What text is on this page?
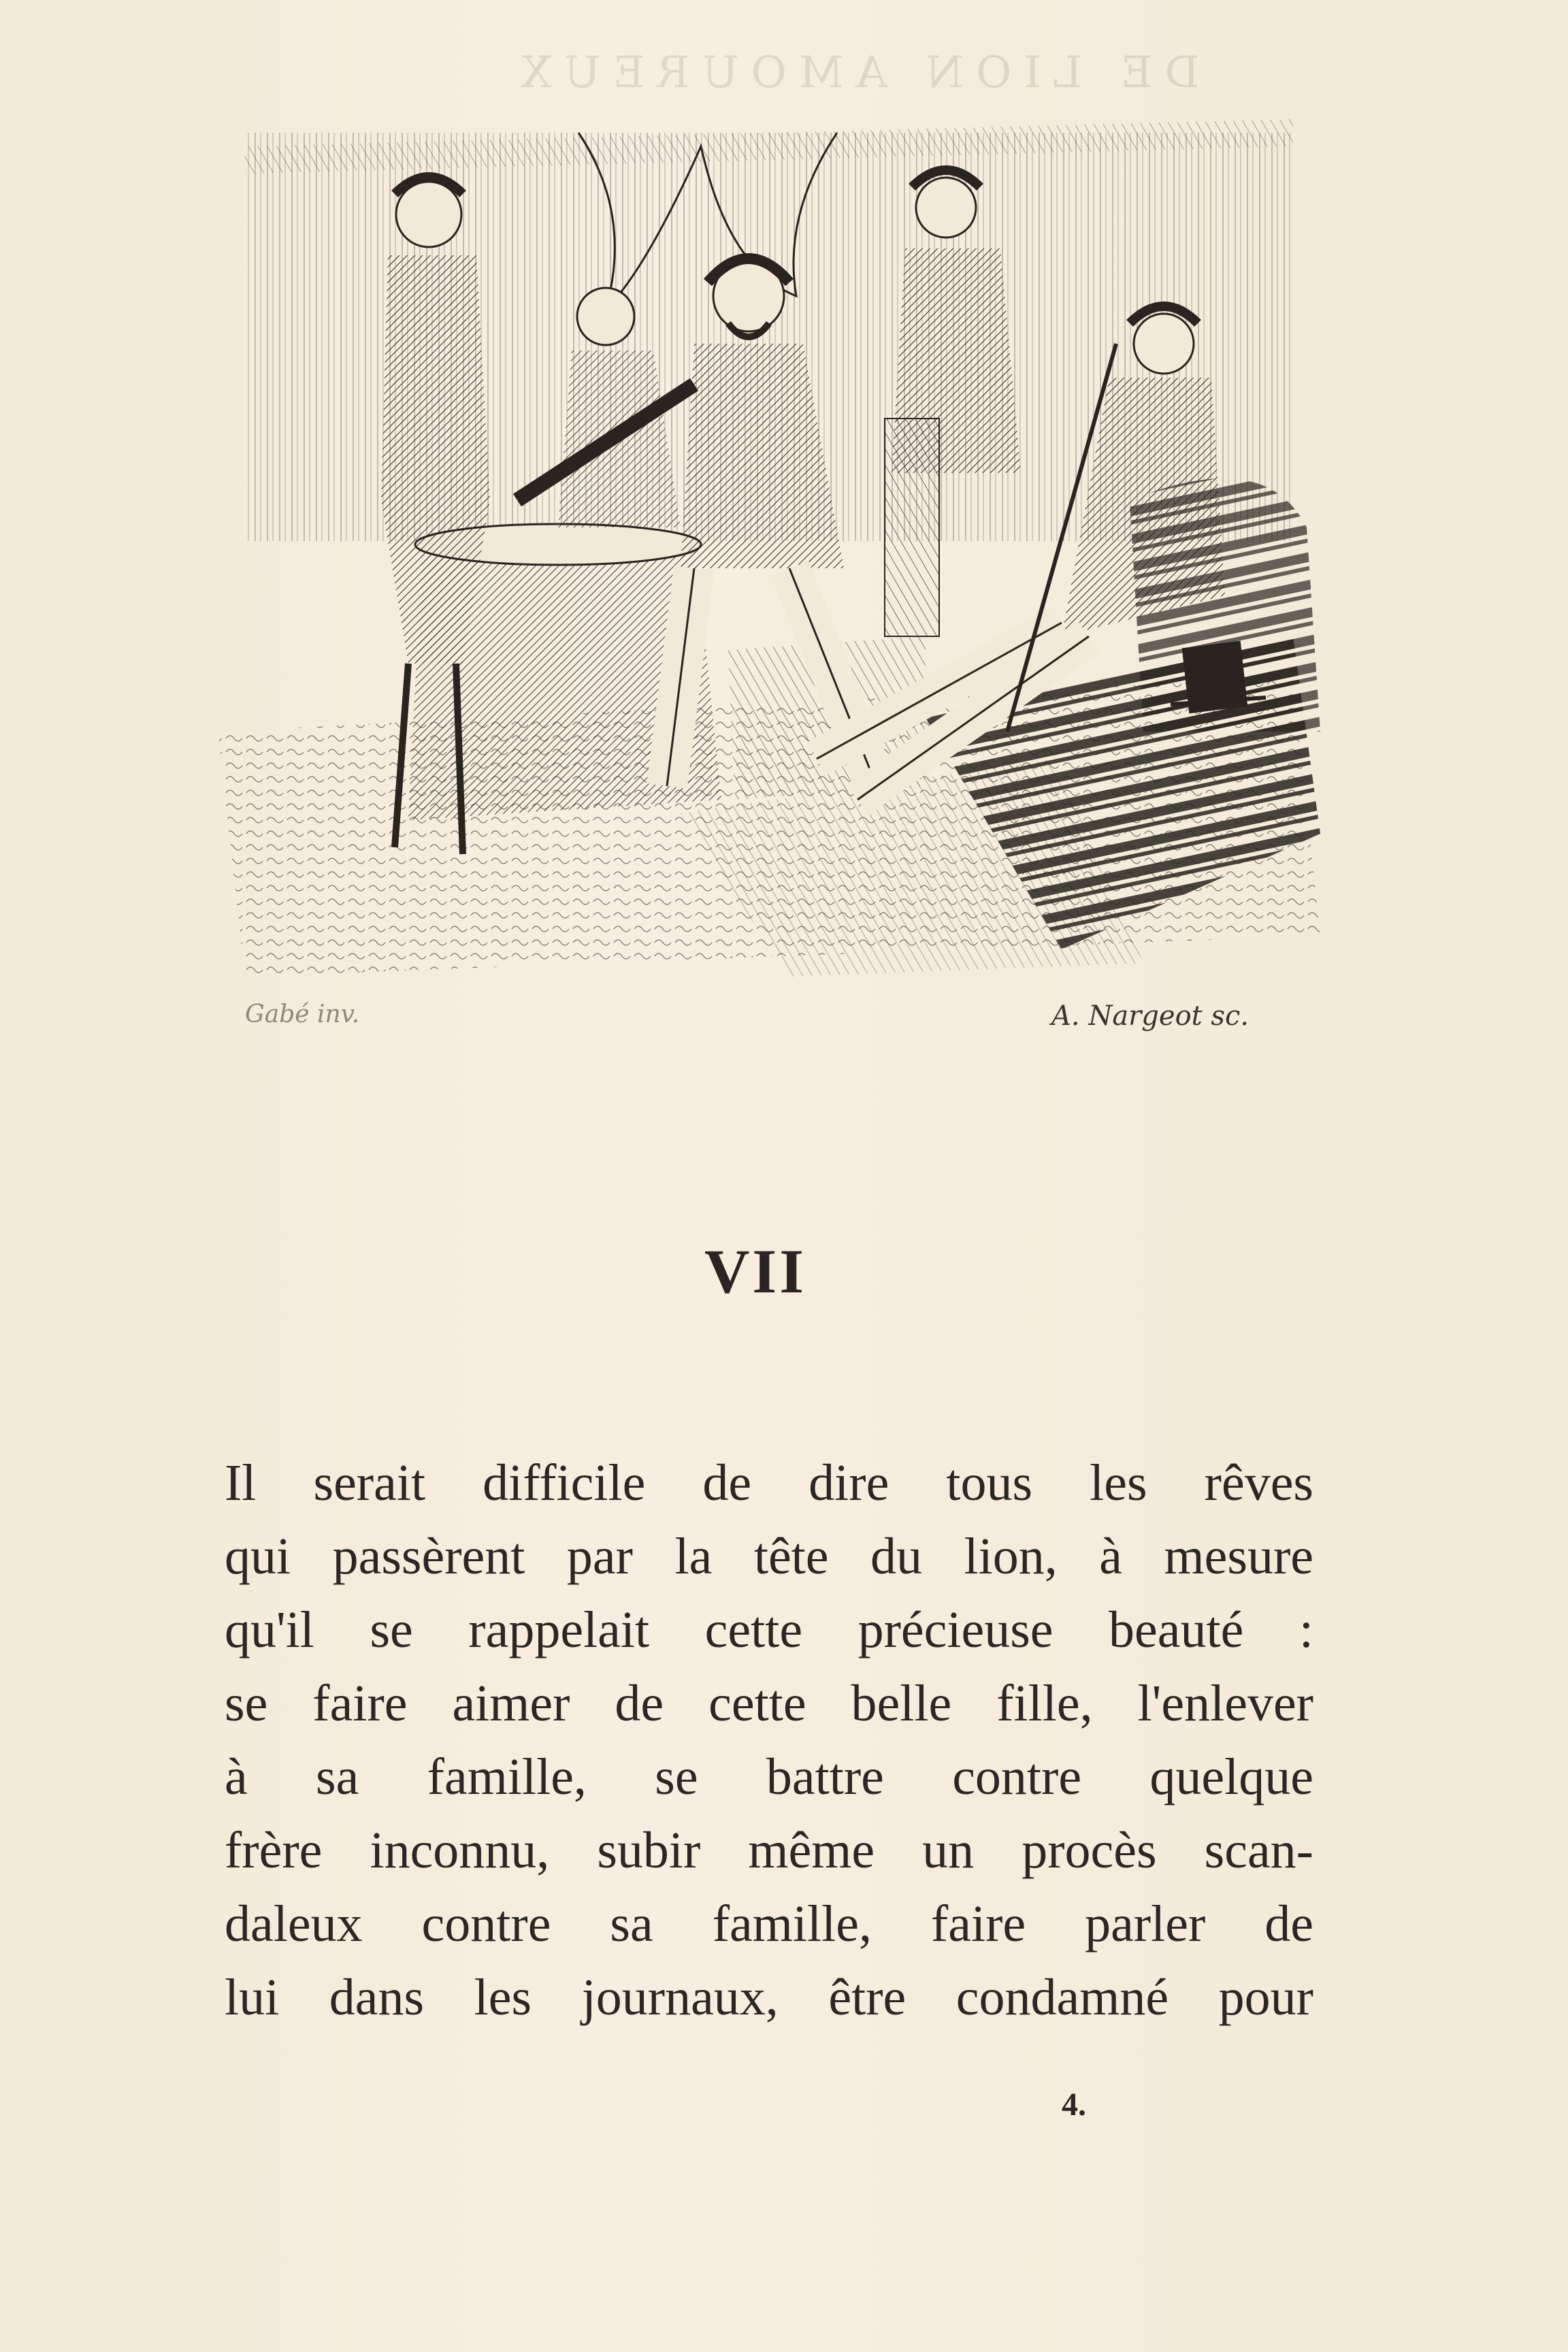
DE LION AMOUREUX
Gabé inv.	A. Nargeot sc.
VII
Il serait difficile de dire tous les rêves
qui passèrent par la tête du lion, à mesure
qu'il se rappelait cette précieuse beauté :
se faire aimer de cette belle fille, l'enlever
à sa famille, se battre contre quelque
frère inconnu, subir même un procès scan-
daleux contre sa famille, faire parler de
lui dans les journaux, être condamné pour
4.
